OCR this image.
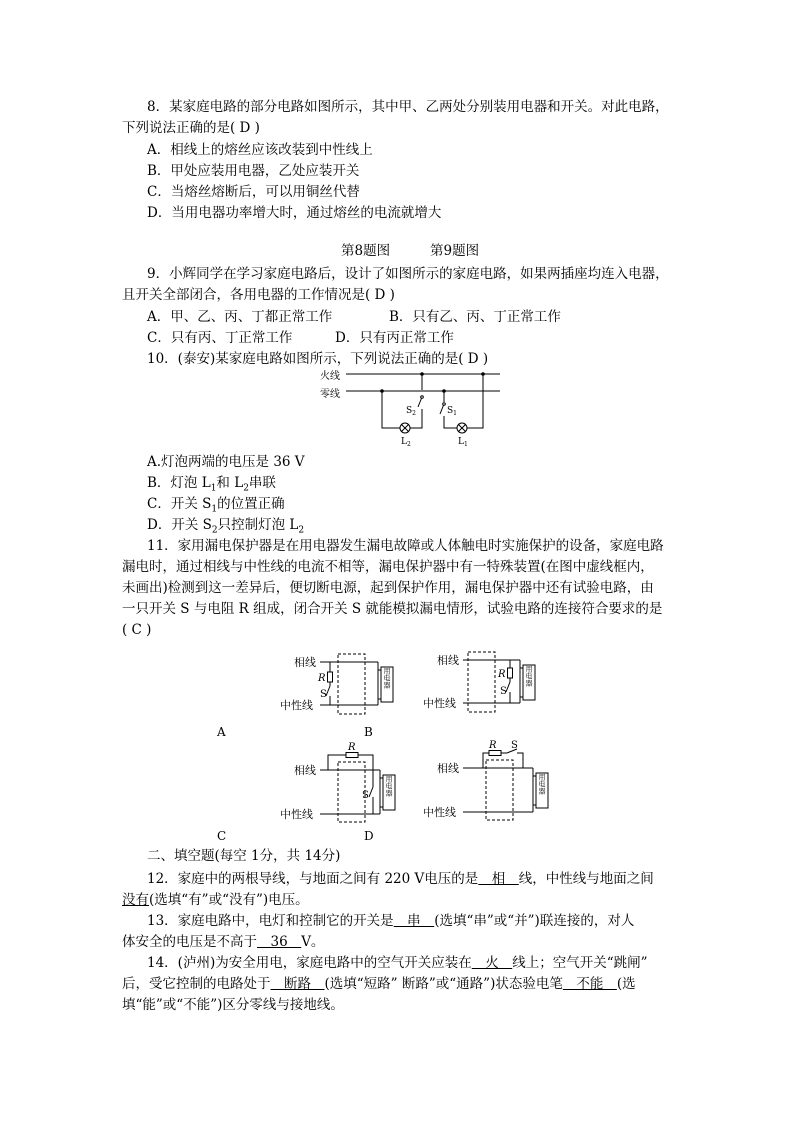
8．某家庭电路的部分电路如图所示，其中甲、乙两处分别装用电器和开关。对此电路，
下列说法正确的是( D )
A．相线上的熔丝应该改装到中性线上
B．甲处应装用电器，乙处应装开关
C．当熔丝熔断后，可以用铜丝代替
D．当用电器功率增大时，通过熔丝的电流就增大
第8题图	第9题图
9．小辉同学在学习家庭电路后，设计了如图所示的家庭电路，如果两插座均连入电器，
且开关全部闭合，各用电器的工作情况是( D )
A．甲、乙、丙、丁都正常工作	B．只有乙、丙、丁正常工作
C．只有丙、丁正常工作	D．只有丙正常工作
10．(泰安)某家庭电路如图所示，下列说法正确的是( D )
火线
零线
$S_2$	$S_1$
$L_2$	$L_1$
A.灯泡两端的电压是 36 V
B．灯泡 $L_1$和 $L_2$串联
C．开关 $S_1$的位置正确
D．开关 $S_2$只控制灯泡 $L_2$
11．家用漏电保护器是在用电器发生漏电故障或人体触电时实施保护的设备，家庭电路
漏电时，通过相线与中性线的电流不相等，漏电保护器中有一特殊装置(在图中虚线框内，
未画出)检测到这一差异后，便切断电源，起到保护作用，漏电保护器中还有试验电路，由
一只开关 S 与电阻 R 组成，闭合开关 S 就能模拟漏电情形，试验电路的连接符合要求的是
( C )
相线
中性线
R
S
用电器
相线
中性线
R
S
用电器
A	B
相线
中性线
R
S 用电器
相线
中性线
R S
用电器
C	D
二、填空题(每空 1分，共 14分)
12．家庭中的两根导线，与地面之间有 220 V电压的是　相　线，中性线与地面之间
没有(选填“有”或“没有”)电压。
13．家庭电路中，电灯和控制它的开关是　串　(选填“串”或“并”)联连接的，对人
体安全的电压是不高于　36　V。
14．(泸州)为安全用电，家庭电路中的空气开关应装在　火　线上；空气开关“跳闸”
后，受它控制的电路处于　断路　(选填“短路” 断路”或“通路”)状态验电笔　不能　(选
填“能”或“不能”)区分零线与接地线。
